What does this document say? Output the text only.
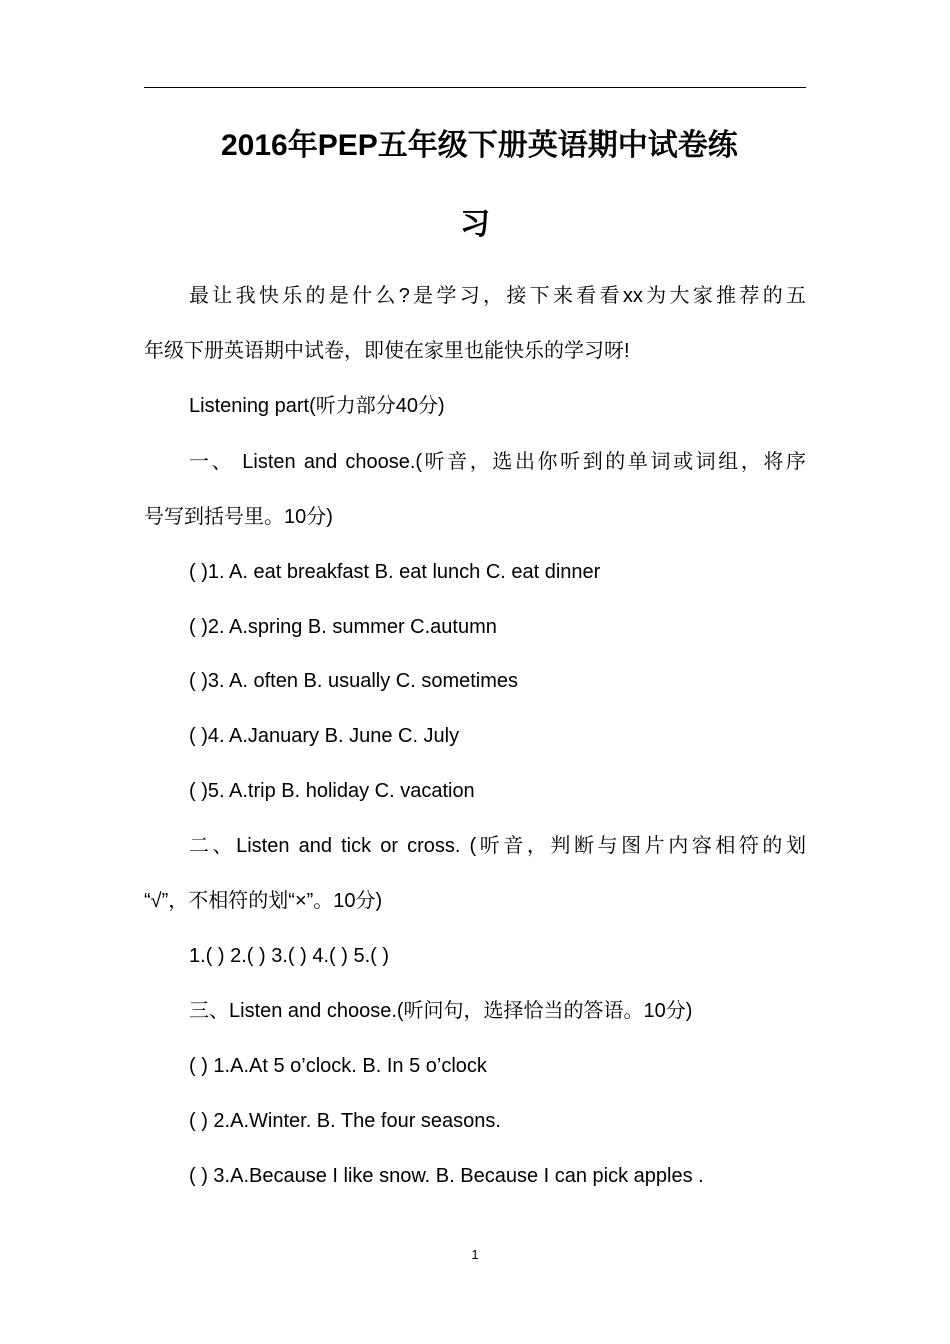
2016年PEP五年级下册英语期中试卷练
习
最让我快乐的是什么?是学习，接下来看看xx为大家推荐的五
年级下册英语期中试卷，即使在家里也能快乐的学习呀!
Listening part(听力部分40分)
一、 Listen and choose.(听音，选出你听到的单词或词组，将序
号写到括号里。10分)
( )1. A. eat breakfast B. eat lunch C. eat dinner
( )2. A.spring B. summer C.autumn
( )3. A. often B. usually C. sometimes
( )4. A.January B. June C. July
( )5. A.trip B. holiday C. vacation
二、Listen and tick or cross. (听音，判断与图片内容相符的划
“√”，不相符的划“×”。10分)
1.( ) 2.( ) 3.( ) 4.( ) 5.( )
三、Listen and choose.(听问句，选择恰当的答语。10分)
( ) 1.A.At 5 o’clock. B. In 5 o’clock
( ) 2.A.Winter. B. The four seasons.
( ) 3.A.Because I like snow. B. Because I can pick apples .
1
